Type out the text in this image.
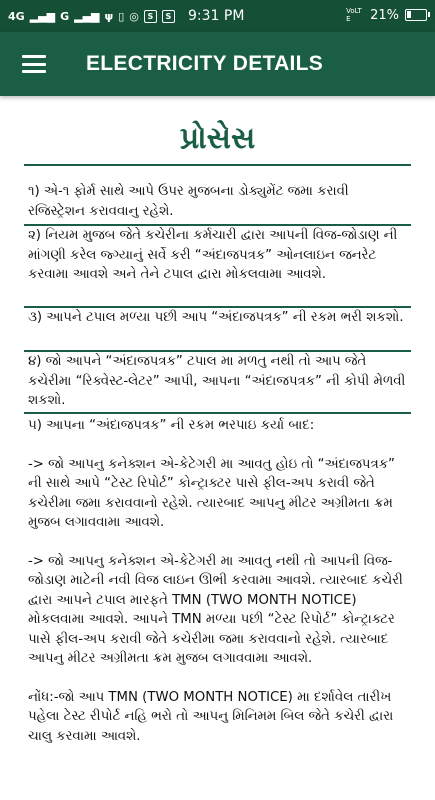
4G ▂▄▆ G ▂▄▆ ψ ▯ ◎	S	S 9:31 PM	VoLTE	21%
ELECTRICITY DETAILS
પ્રોસેસ

૧) એ-૧ ફોર્મ સાથે આપે ઉપર મુજબના ડોક્યુમેંટ જમા કરાવી રજિસ્ટ્રેશન કરાવવાનુ રહેશે.

૨) નિયમ મુજબ જેતે કચેરીના કર્મચારી દ્વારા આપની વિજ-જોડાણ ની માંગણી કરેલ જ્ગ્યાનું સર્વે કરી “અંદાજપત્રક” ઓનલાઇન જનરેટ કરવામા આવશે અને તેને ટપાલ દ્વારા મોકલવામા આવશે.

૩) આપને ટપાલ મળ્યા પછી આપ “અંદાજપત્રક” ની રકમ ભરી શકશો.

૪) જો આપને “અંદાજપત્રક” ટપાલ મા મળતુ નથી તો આપ જેતે કચેરીમા “રિક્વેસ્ટ-લેટર” આપી, આપના “અંદાજપત્રક” ની કોપી મેળવી શકશો.

૫) આપના “અંદાજપત્રક” ની રકમ ભરપાઇ કર્યા બાદ:

-> જો આપનુ કનેક્શન એ-કેટેગરી મા આવતુ હોઇ તો “અંદાજપત્રક” ની સાથે આપે “ટેસ્ટ રિપોર્ટ” કોન્ટ્રાક્ટર પાસે ફીલ-અપ કરાવી જેતે કચેરીમા જમા કરાવવાનો રહેશે. ત્યારબાદ આપનુ મીટર અગ્રીમતા ક્રમ મુજબ લગાવવામા આવશે.

-> જો આપનુ કનેક્શન એ-કેટેગરી મા આવતુ નથી તો આપની વિજ-જોડાણ માટેની નવી વિજ લાઇન ઊભી કરવામા આવશે. ત્યારબાદ કચેરી દ્વારા આપને ટપાલ મારફતે TMN (TWO MONTH NOTICE) મોકલવામા આવશે. આપને TMN મળ્યા પછી “ટેસ્ટ રિપોર્ટ” કોન્ટ્રાક્ટર પાસે ફીલ-અપ કરાવી જેતે કચેરીમા જમા કરાવવાનો રહેશે. ત્યારબાદ આપનુ મીટર અગ્રીમતા ક્રમ મુજબ લગાવવામા આવશે.

નોંધ:-જો આપ TMN (TWO MONTH NOTICE) મા દર્શાવેલ તારીખ પહેલા ટેસ્ટ રીપોર્ટ નહિ ભરો તો આપનુ મિનિમમ બિલ જેતે કચેરી દ્વારા ચાલુ કરવામા આવશે.
